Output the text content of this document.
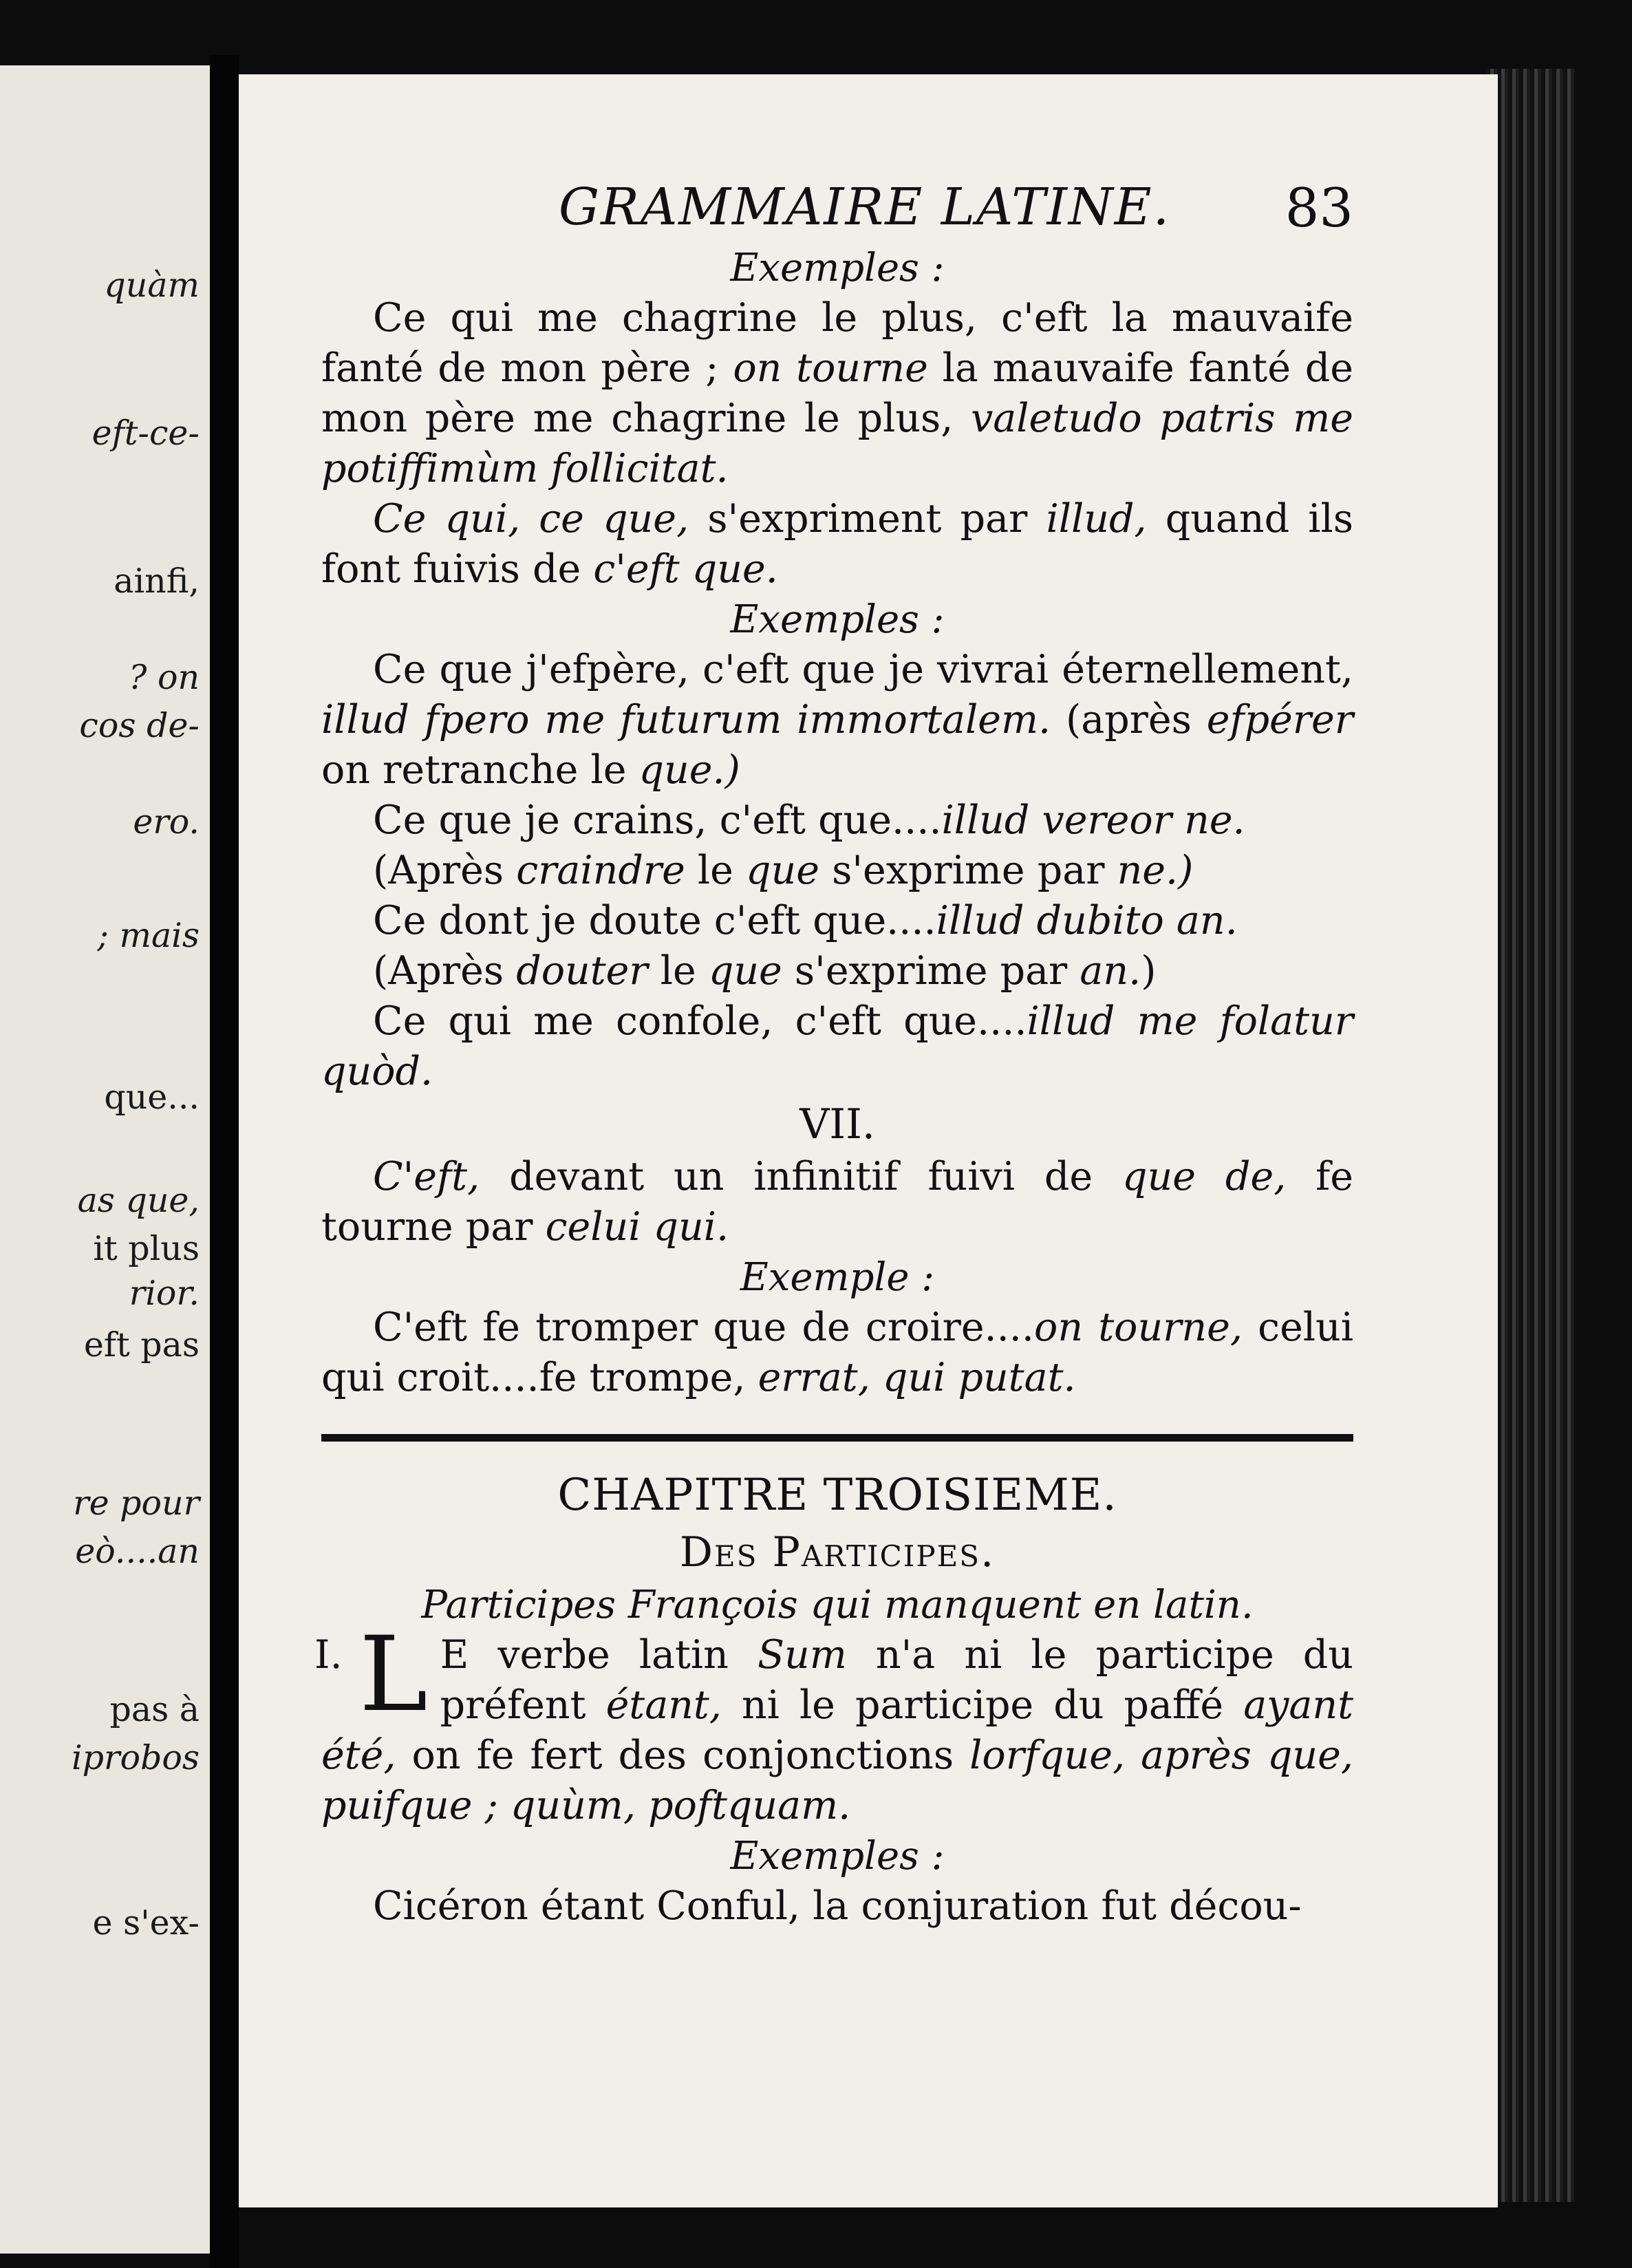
quàm
eft-ce-
ainfi,
? on
cos de-
ero.
; mais
que...
as que,
it plus
rior.
eft pas
re pour
eò....an
pas à
iprobos
e s'ex-
GRAMMAIRE LATINE. 83

Exemples :

Ce qui me chagrine le plus, c'eft la mauvaife fanté de mon père ; on tourne la mauvaife fanté de mon père me chagrine le plus, valetudo patris me potiffimùm follicitat.

Ce qui, ce que, s'expriment par illud, quand ils font fuivis de c'eft que.

Exemples :

Ce que j'efpère, c'eft que je vivrai éternellement, illud fpero me futurum immortalem. (après efpérer on retranche le que.)

Ce que je crains, c'eft que....illud vereor ne.

(Après craindre le que s'exprime par ne.)

Ce dont je doute c'eft que....illud dubito an.

(Après douter le que s'exprime par an.)

Ce qui me confole, c'eft que....illud me folatur quòd.

VII.

C'eft, devant un infinitif fuivi de que de, fe tourne par celui qui.

Exemple :

C'eft fe tromper que de croire....on tourne, celui qui croit....fe trompe, errat, qui putat.

CHAPITRE TROISIEME.

Des Participes.

Participes François qui manquent en latin.

I. L E verbe latin Sum n'a ni le participe du préfent étant, ni le participe du paffé ayant été, on fe fert des conjonctions lorfque, après que, puifque ; quùm, poftquam.

Exemples :

Cicéron étant Conful, la conjuration fut décou-
